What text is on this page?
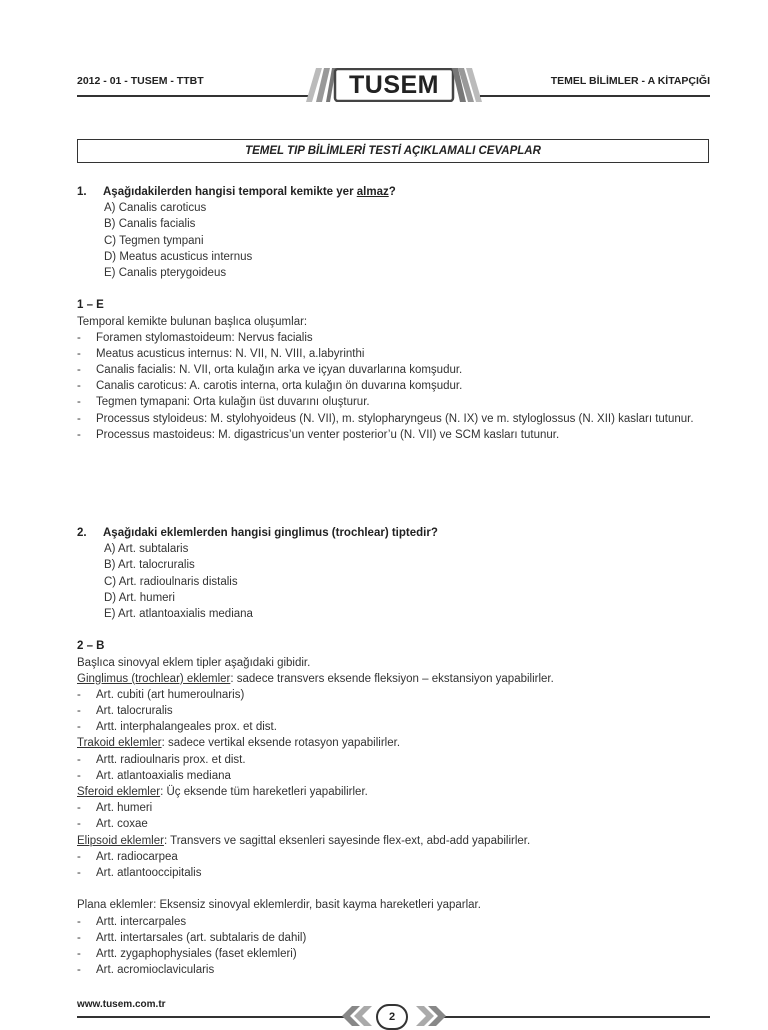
2012 - 01 - TUSEM - TTBT	TUSEM	TEMEL BİLİMLER - A KİTAPÇIĞI
TEMEL TIP BİLİMLERİ TESTİ AÇIKLAMALI CEVAPLAR
1. Aşağıdakilerden hangisi temporal kemikte yer almaz?
A) Canalis caroticus
B) Canalis facialis
C) Tegmen tympani
D) Meatus acusticus internus
E) Canalis pterygoideus
1 – E
Temporal kemikte bulunan başlıca oluşumlar:
- Foramen stylomastoideum: Nervus facialis
- Meatus acusticus internus: N. VII, N. VIII, a.labyrinthi
- Canalis facialis: N. VII, orta kulağın arka ve içyan duvarlarına komşudur.
- Canalis caroticus: A. carotis interna, orta kulağın ön duvarına komşudur.
- Tegmen tymapani: Orta kulağın üst duvarını oluşturur.
- Processus styloideus: M. stylohyoideus (N. VII), m. stylopharyngeus (N. IX) ve m. styloglossus (N. XII) kasları tutunur.
- Processus mastoideus: M. digastricus’un venter posterior’u (N. VII) ve SCM kasları tutunur.
2. Aşağıdaki eklemlerden hangisi ginglimus (trochlear) tiptedir?
A) Art. subtalaris
B) Art. talocruralis
C) Art. radioulnaris distalis
D) Art. humeri
E) Art. atlantoaxialis mediana
2 – B
Başlıca sinovyal eklem tipler aşağıdaki gibidir.
Ginglimus (trochlear) eklemler: sadece transvers eksende fleksiyon – ekstansiyon yapabilirler.
- Art. cubiti (art humeroulnaris)
- Art. talocruralis
- Artt. interphalangeales prox. et dist.
Trakoid eklemler: sadece vertikal eksende rotasyon yapabilirler.
- Artt. radioulnaris prox. et dist.
- Art. atlantoaxialis mediana
Sferoid eklemler: Üç eksende tüm hareketleri yapabilirler.
- Art. humeri
- Art. coxae
Elipsoid eklemler: Transvers ve sagittal eksenleri sayesinde flex-ext, abd-add yapabilirler.
- Art. radiocarpea
- Art. atlantooccipitalis
Plana eklemler: Eksensiz sinovyal eklemlerdir, basit kayma hareketleri yaparlar.
- Artt. intercarpales
- Artt. intertarsales (art. subtalaris de dahil)
- Artt. zygaphophysiales (faset eklemleri)
- Art. acromioclavicularis
www.tusem.com.tr
2
